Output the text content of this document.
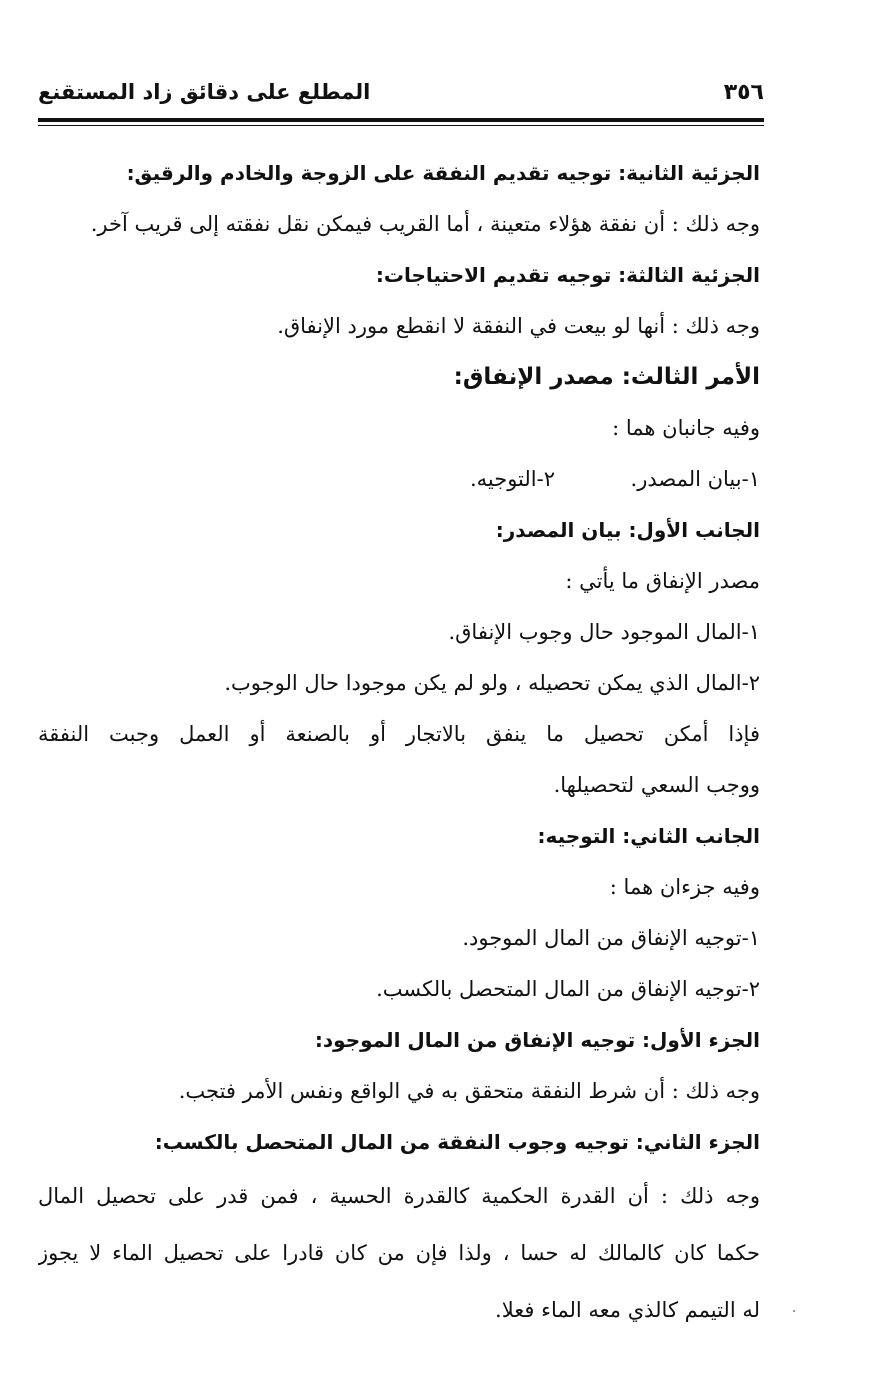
٣٥٦
المطلع على دقائق زاد المستقنع
الجزئية الثانية: توجيه تقديم النفقة على الزوجة والخادم والرقيق:
وجه ذلك : أن نفقة هؤلاء متعينة ، أما القريب فيمكن نقل نفقته إلى قريب آخر.
الجزئية الثالثة: توجيه تقديم الاحتياجات:
وجه ذلك : أنها لو بيعت في النفقة لا انقطع مورد الإنفاق.
الأمر الثالث: مصدر الإنفاق:
وفيه جانبان هما :
١-بيان المصدر.
٢-التوجيه.
الجانب الأول: بيان المصدر:
مصدر الإنفاق ما يأتي :
١-المال الموجود حال وجوب الإنفاق.
٢-المال الذي يمكن تحصيله ، ولو لم يكن موجودا حال الوجوب.
فإذا أمكن تحصيل ما ينفق بالاتجار أو بالصنعة أو العمل وجبت النفقة
ووجب السعي لتحصيلها.
الجانب الثاني: التوجيه:
وفيه جزءان هما :
١-توجيه الإنفاق من المال الموجود.
٢-توجيه الإنفاق من المال المتحصل بالكسب.
الجزء الأول: توجيه الإنفاق من المال الموجود:
وجه ذلك : أن شرط النفقة متحقق به في الواقع ونفس الأمر فتجب.
الجزء الثاني: توجيه وجوب النفقة من المال المتحصل بالكسب:
وجه ذلك : أن القدرة الحكمية كالقدرة الحسية ، فمن قدر على تحصيل المال
حكما كان كالمالك له حسا ، ولذا فإن من كان قادرا على تحصيل الماء لا يجوز
له التيمم كالذي معه الماء فعلا.
